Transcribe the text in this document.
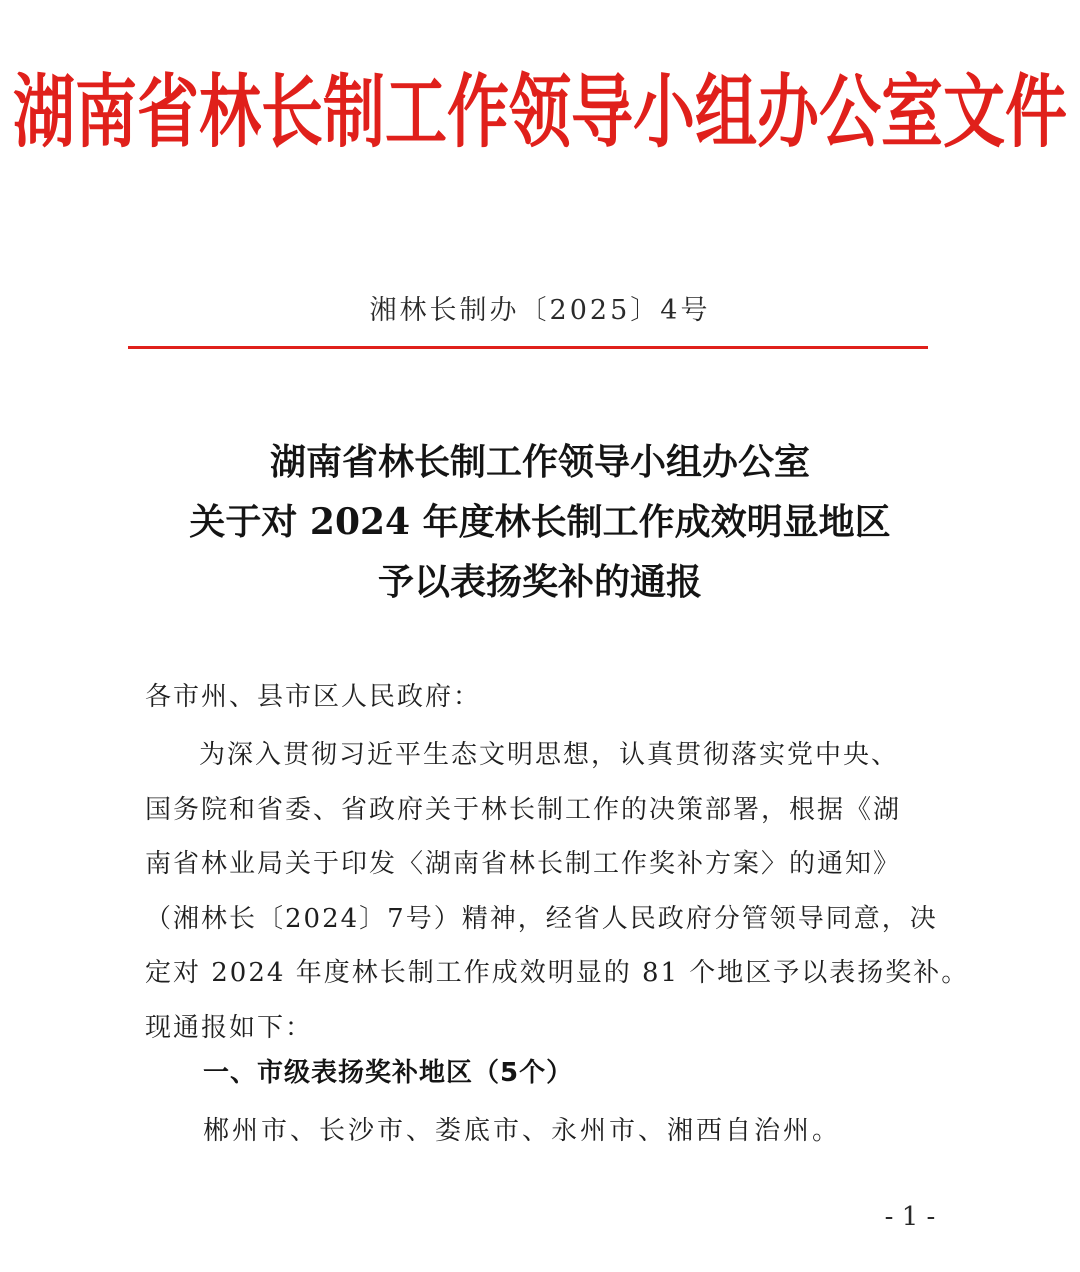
湖南省林长制工作领导小组办公室文件
湘林长制办〔2025〕4号
湖南省林长制工作领导小组办公室
关于对 2024 年度林长制工作成效明显地区
予以表扬奖补的通报
各市州、县市区人民政府：
为深入贯彻习近平生态文明思想，认真贯彻落实党中央、
国务院和省委、省政府关于林长制工作的决策部署，根据《湖
南省林业局关于印发〈湖南省林长制工作奖补方案〉的通知》
（湘林长〔2024〕7号）精神，经省人民政府分管领导同意，决
定对 2024 年度林长制工作成效明显的 81 个地区予以表扬奖补。
现通报如下：
一、市级表扬奖补地区（5个）
郴州市、长沙市、娄底市、永州市、湘西自治州。
- 1 -
